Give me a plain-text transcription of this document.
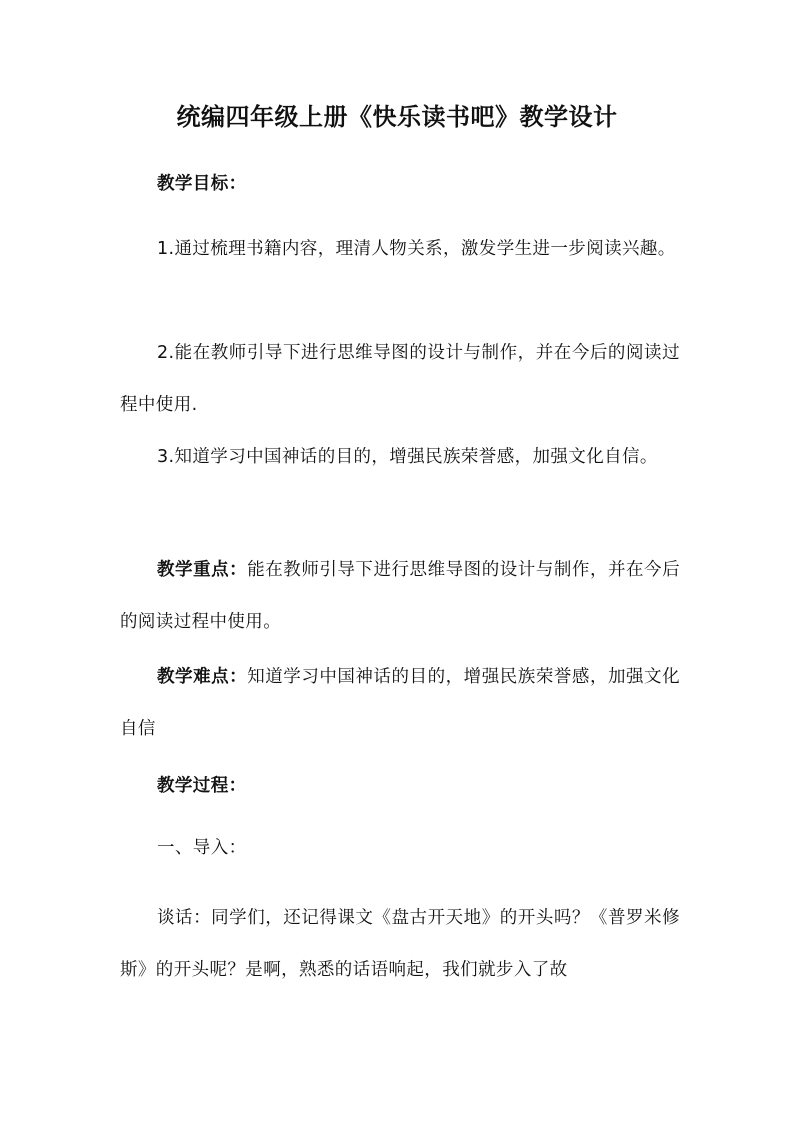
统编四年级上册《快乐读书吧》教学设计
教学目标：
1.通过梳理书籍内容，理清人物关系，激发学生进一步阅读兴趣。
2.能在教师引导下进行思维导图的设计与制作，并在今后的阅读过程中使用.
3.知道学习中国神话的目的，增强民族荣誉感，加强文化自信。
教学重点：能在教师引导下进行思维导图的设计与制作，并在今后的阅读过程中使用。
教学难点：知道学习中国神话的目的，增强民族荣誉感，加强文化自信
教学过程：
一、导入：
谈话：同学们，还记得课文《盘古开天地》的开头吗？《普罗米修斯》的开头呢？是啊，熟悉的话语响起，我们就步入了故
